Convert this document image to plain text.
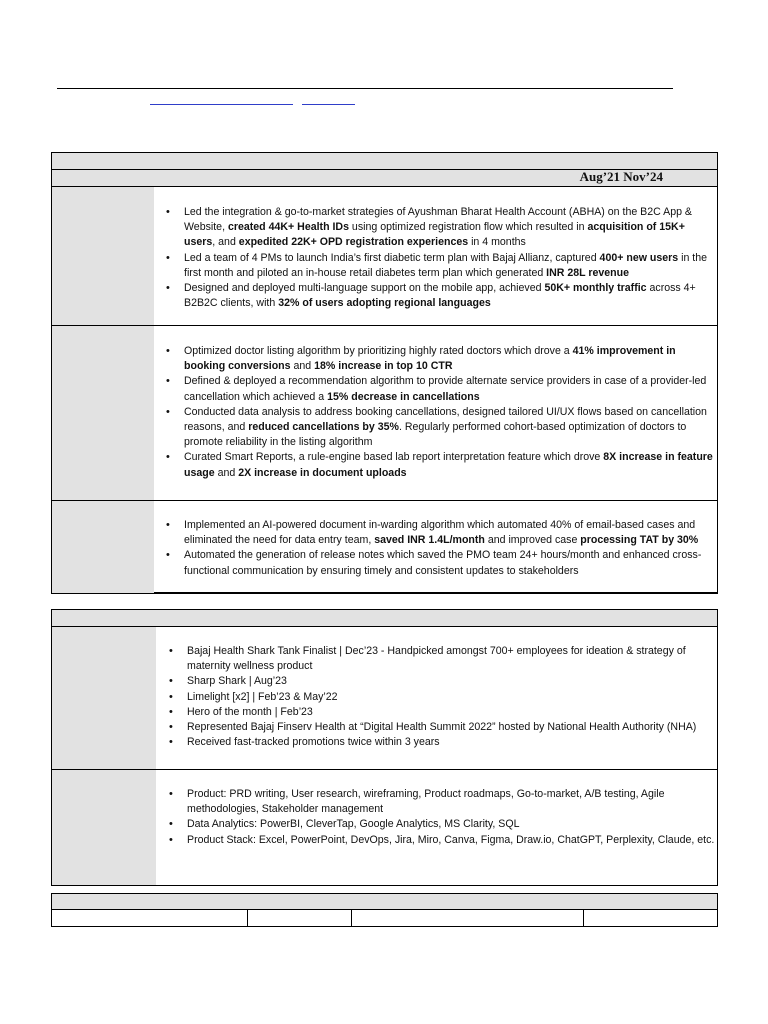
Aug’21 Nov’24
• Led the integration & go-to-market strategies of Ayushman Bharat Health Account (ABHA) on the B2C App & Website, created 44K+ Health IDs using optimized registration flow which resulted in acquisition of 15K+ users, and expedited 22K+ OPD registration experiences in 4 months
• Led a team of 4 PMs to launch India’s first diabetic term plan with Bajaj Allianz, captured 400+ new users in the first month and piloted an in-house retail diabetes term plan which generated INR 28L revenue
• Designed and deployed multi-language support on the mobile app, achieved 50K+ monthly traffic across 4+ B2B2C clients, with 32% of users adopting regional languages
• Optimized doctor listing algorithm by prioritizing highly rated doctors which drove a 41% improvement in booking conversions and 18% increase in top 10 CTR
• Defined & deployed a recommendation algorithm to provide alternate service providers in case of a provider-led cancellation which achieved a 15% decrease in cancellations
• Conducted data analysis to address booking cancellations, designed tailored UI/UX flows based on cancellation reasons, and reduced cancellations by 35%. Regularly performed cohort-based optimization of doctors to promote reliability in the listing algorithm
• Curated Smart Reports, a rule-engine based lab report interpretation feature which drove 8X increase in feature usage and 2X increase in document uploads
• Implemented an AI-powered document in-warding algorithm which automated 40% of email-based cases and eliminated the need for data entry team, saved INR 1.4L/month and improved case processing TAT by 30%
• Automated the generation of release notes which saved the PMO team 24+ hours/month and enhanced cross-functional communication by ensuring timely and consistent updates to stakeholders
• Bajaj Health Shark Tank Finalist | Dec’23 - Handpicked amongst 700+ employees for ideation & strategy of maternity wellness product
• Sharp Shark | Aug’23
• Limelight [x2] | Feb’23 & May’22
• Hero of the month | Feb’23
• Represented Bajaj Finserv Health at “Digital Health Summit 2022” hosted by National Health Authority (NHA)
• Received fast-tracked promotions twice within 3 years
• Product: PRD writing, User research, wireframing, Product roadmaps, Go-to-market, A/B testing, Agile methodologies, Stakeholder management
• Data Analytics: PowerBI, CleverTap, Google Analytics, MS Clarity, SQL
• Product Stack: Excel, PowerPoint, DevOps, Jira, Miro, Canva, Figma, Draw.io, ChatGPT, Perplexity, Claude, etc.
